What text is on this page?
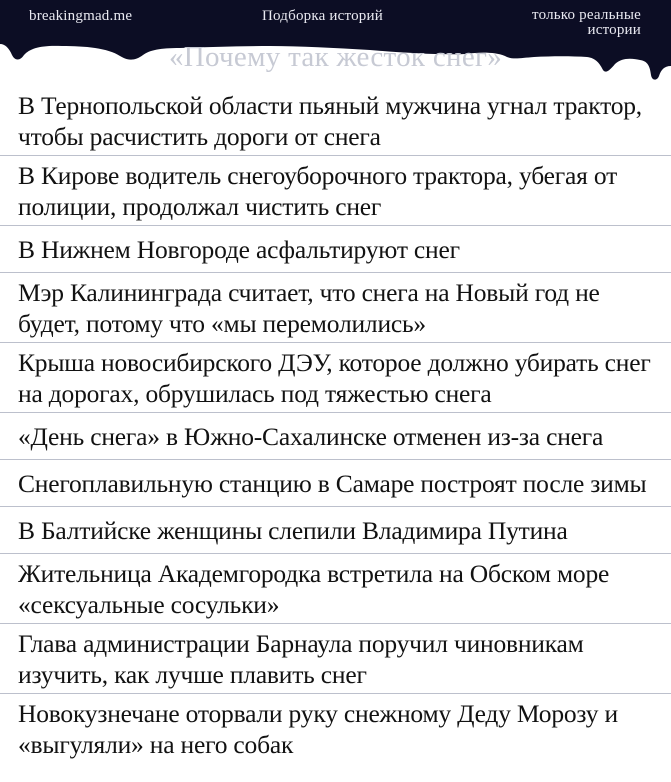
breakingmad.me	Подборка историй	только реальные истории
«Почему так жесток снег»
В Тернопольской области пьяный мужчина угнал трактор, чтобы расчистить дороги от снега
В Кирове водитель снегоуборочного трактора, убегая от полиции, продолжал чистить снег
В Нижнем Новгороде асфальтируют снег
Мэр Калининграда считает, что снега на Новый год не будет, потому что «мы перемолились»
Крыша новосибирского ДЭУ, которое должно убирать снег на дорогах, обрушилась под тяжестью снега
«День снега» в Южно-Сахалинске отменен из-за снега
Снегоплавильную станцию в Самаре построят после зимы
В Балтийске женщины слепили Владимира Путина
Жительница Академгородка встретила на Обском море «сексуальные сосульки»
Глава администрации Барнаула поручил чиновникам изучить, как лучше плавить снег
Новокузнечане оторвали руку снежному Деду Морозу и «выгуляли» на него собак
